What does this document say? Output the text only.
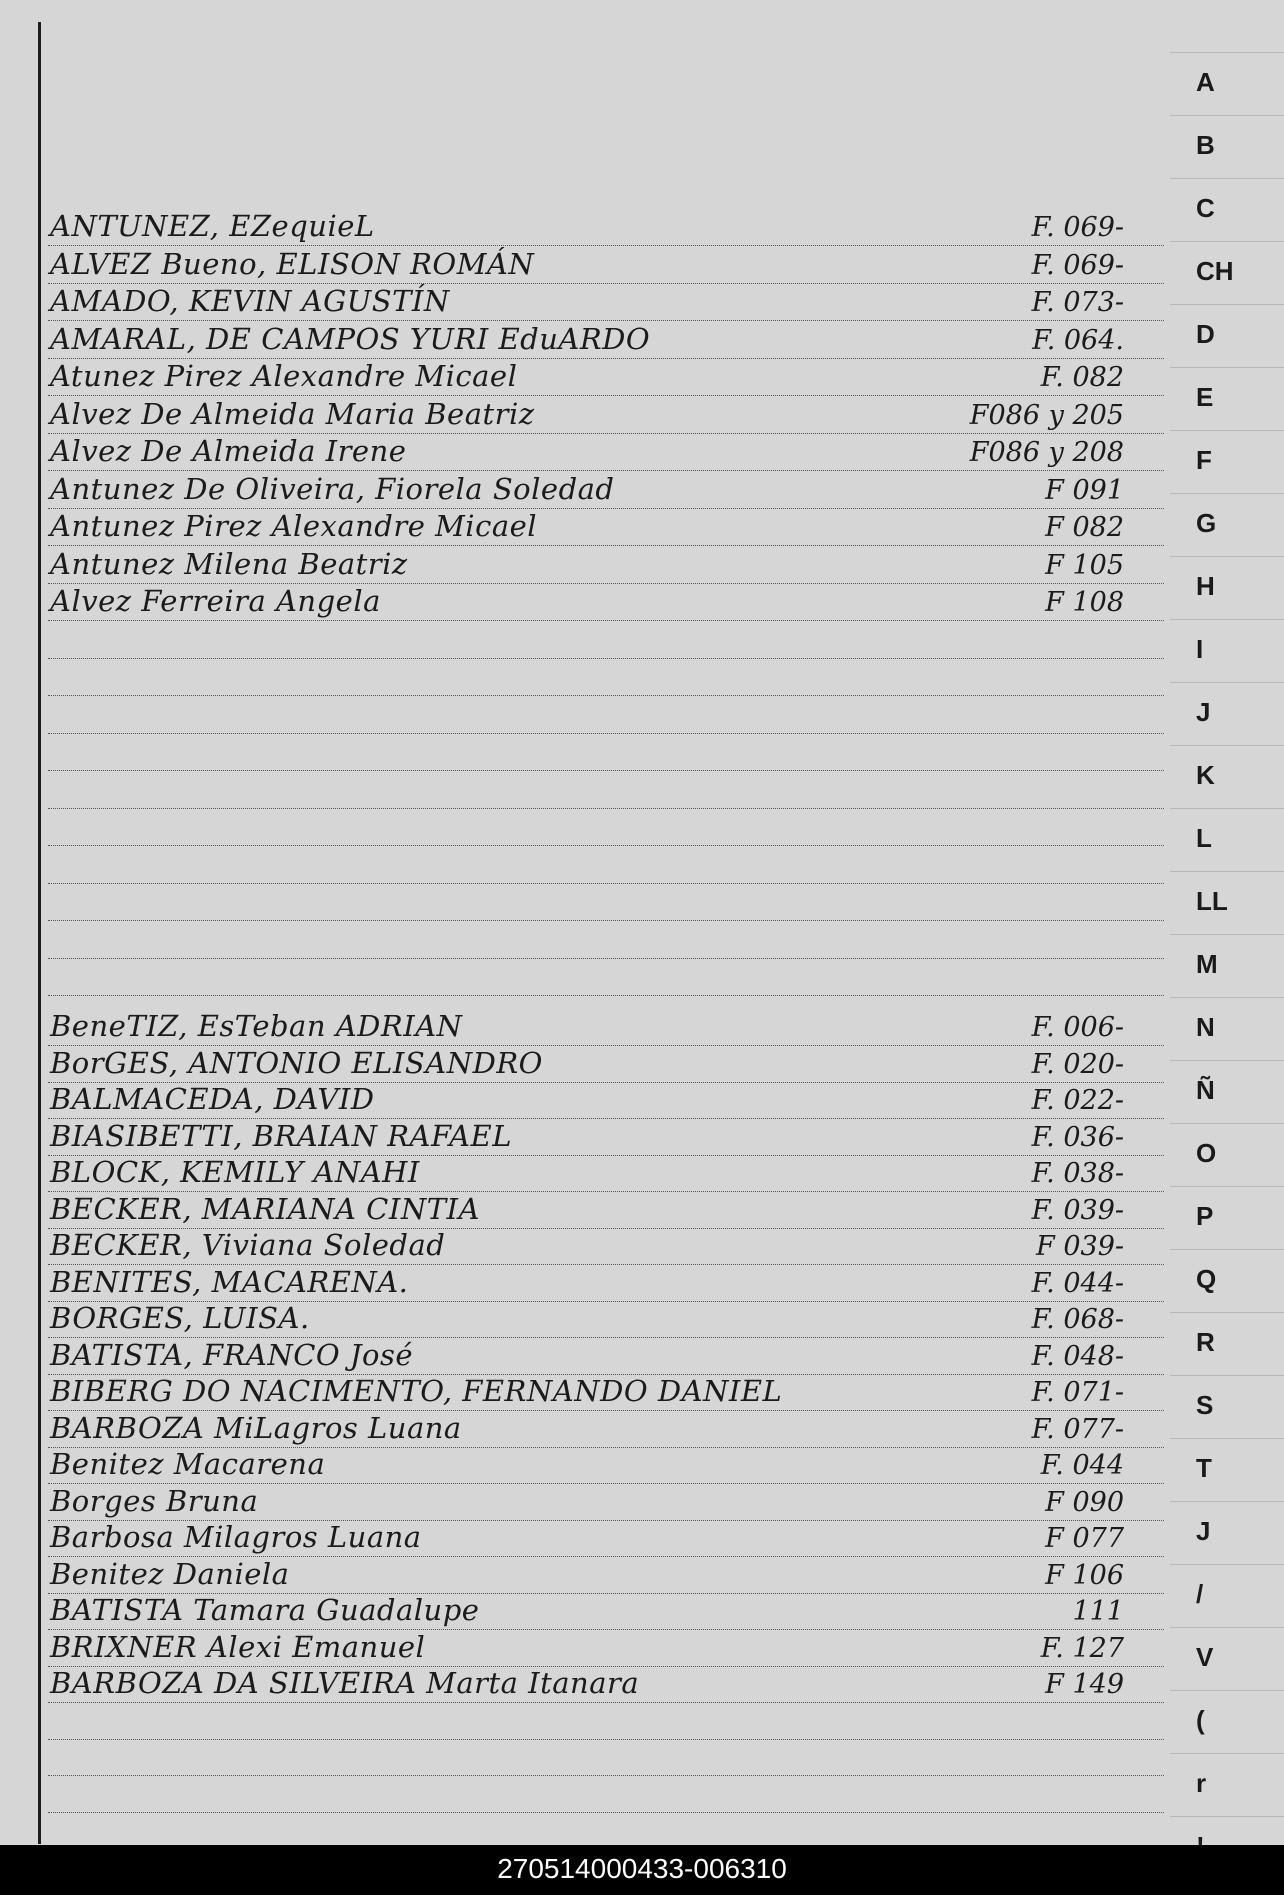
ANTUNEZ, EZequieL	F. 069-
ALVEZ Bueno, ELISON ROMÁN	F. 069-
AMADO, KEVIN AGUSTÍN	F. 073-
AMARAL, DE CAMPOS YURI EduARDO	F. 064.
Atunez Pirez Alexandre Micael	F. 082
Alvez De Almeida Maria Beatriz	F086 y 205
Alvez De Almeida Irene	F086 y 208
Antunez De Oliveira, Fiorela Soledad	F 091
Antunez Pirez Alexandre Micael	F 082
Antunez Milena Beatriz	F 105
Alvez Ferreira Angela	F 108
BeneTIZ, EsTeban ADRIAN	F. 006-
BorGES, ANTONIO ELISANDRO	F. 020-
BALMACEDA, DAVID	F. 022-
BIASIBETTI, BRAIAN RAFAEL	F. 036-
BLOCK, KEMILY ANAHI	F. 038-
BECKER, MARIANA CINTIA	F. 039-
BECKER, Viviana Soledad	F 039-
BENITES, MACARENA.	F. 044-
BORGES, LUISA.	F. 068-
BATISTA, FRANCO José	F. 048-
BIBERG DO NACIMENTO, FERNANDO DANIEL	F. 071-
BARBOZA MiLagros Luana	F. 077-
Benitez Macarena	F. 044
Borges Bruna	F 090
Barbosa Milagros Luana	F 077
Benitez Daniela	F 106
BATISTA Tamara Guadalupe	111
BRIXNER Alexi Emanuel	F. 127
BARBOZA DA SILVEIRA Marta Itanara	F 149
A
B
C
CH
D
E
F
G
H
I
J
K
L
LL
M
N
Ñ
O
P
Q
R
S
T
J
/
V
(
r
270514000433-006310
